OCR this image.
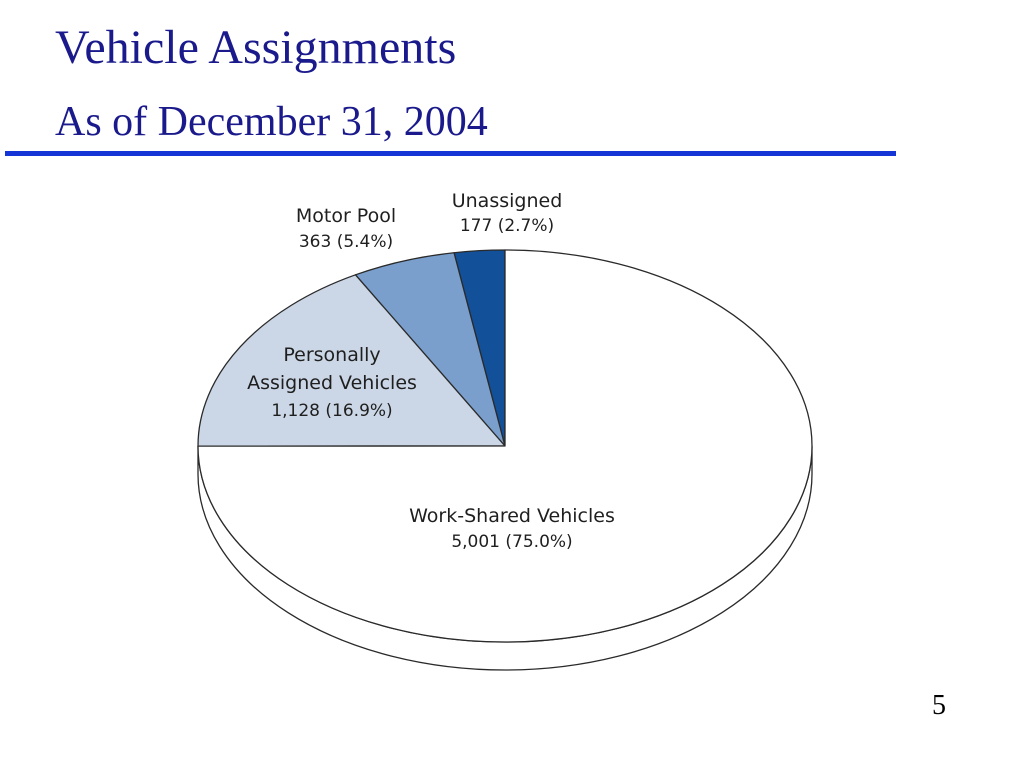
Vehicle Assignments
As of December 31, 2004
Unassigned
177 (2.7%)
Motor Pool
363 (5.4%)
Personally
Assigned Vehicles
1,128 (16.9%)
Work-Shared Vehicles
5,001 (75.0%)
5
